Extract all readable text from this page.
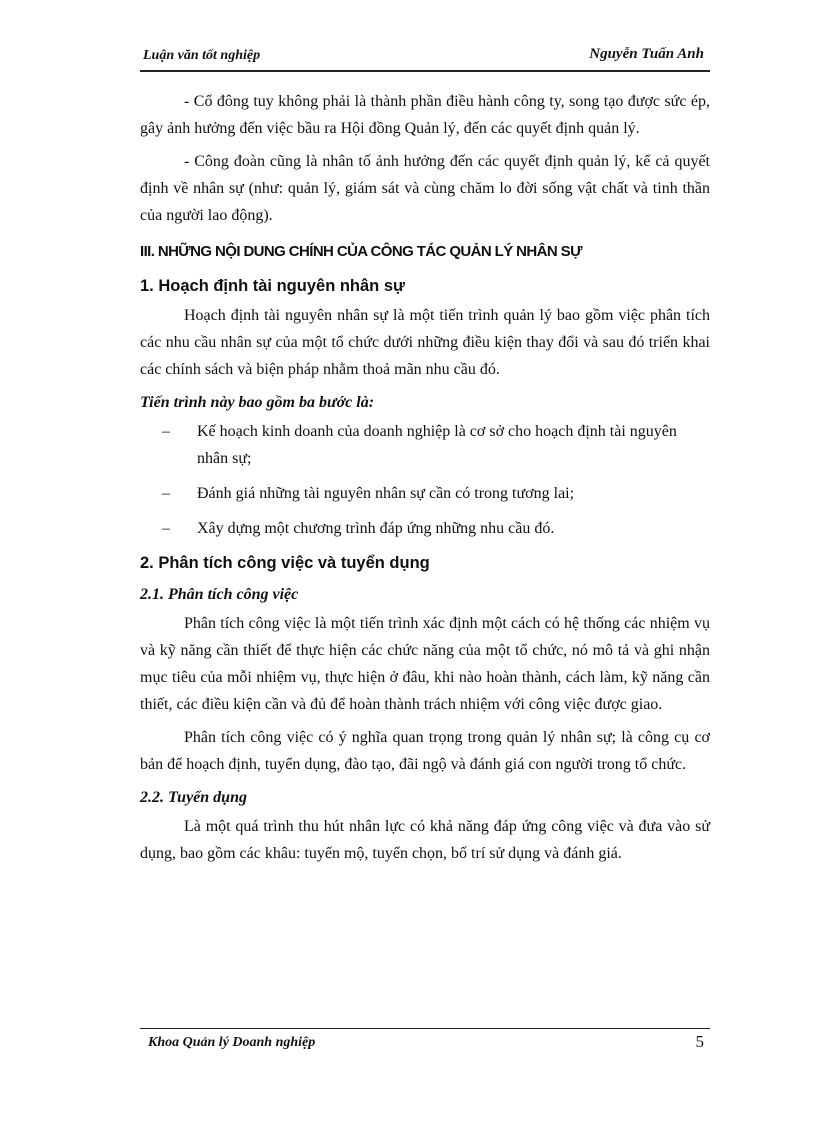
Luận văn tốt nghiệp	Nguyễn Tuấn Anh

- Cổ đông tuy không phải là thành phần điều hành công ty, song tạo được sức ép, gây ảnh hưởng đến việc bầu ra Hội đồng Quản lý, đến các quyết định quản lý.

- Công đoàn cũng là nhân tố ảnh hưởng đến các quyết định quản lý, kể cả quyết định về nhân sự (như: quản lý, giám sát và cùng chăm lo đời sống vật chất và tinh thần của người lao động).

III. NHỮNG NỘI DUNG CHÍNH CỦA CÔNG TÁC QUẢN LÝ NHÂN SỰ
1. Hoạch định tài nguyên nhân sự

Hoạch định tài nguyên nhân sự là một tiến trình quản lý bao gồm việc phân tích các nhu cầu nhân sự của một tổ chức dưới những điều kiện thay đổi và sau đó triển khai các chính sách và biện pháp nhằm thoả mãn nhu cầu đó.

Tiến trình này bao gồm ba bước là:
– Kế hoạch kinh doanh của doanh nghiệp là cơ sở cho hoạch định tài nguyên nhân sự;
– Đánh giá những tài nguyên nhân sự cần có trong tương lai;
– Xây dựng một chương trình đáp ứng những nhu cầu đó.
2. Phân tích công việc và tuyển dụng
2.1. Phân tích công việc

Phân tích công việc là một tiến trình xác định một cách có hệ thống các nhiệm vụ và kỹ năng cần thiết để thực hiện các chức năng của một tổ chức, nó mô tả và ghi nhận mục tiêu của mỗi nhiệm vụ, thực hiện ở đâu, khi nào hoàn thành, cách làm, kỹ năng cần thiết, các điều kiện cần và đủ để hoàn thành trách nhiệm với công việc được giao.

Phân tích công việc có ý nghĩa quan trọng trong quản lý nhân sự; là công cụ cơ bản để hoạch định, tuyển dụng, đào tạo, đãi ngộ và đánh giá con người trong tổ chức.

2.2. Tuyển dụng

Là một quá trình thu hút nhân lực có khả năng đáp ứng công việc và đưa vào sử dụng, bao gồm các khâu: tuyển mộ, tuyển chọn, bố trí sử dụng và đánh giá.

Khoa Quản lý Doanh nghiệp	5
